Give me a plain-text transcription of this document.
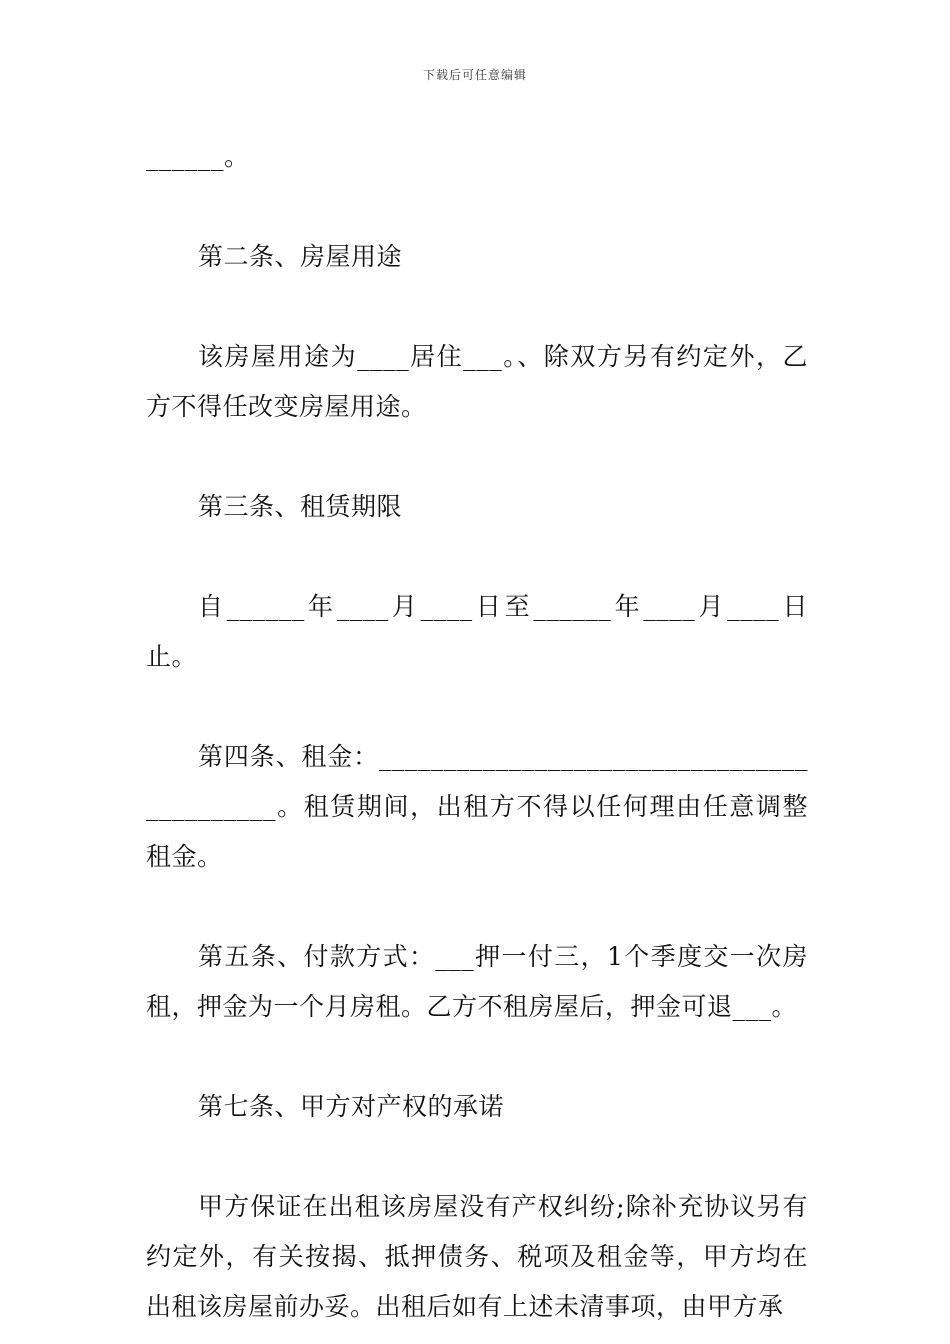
下载后可任意编辑

______。

第二条、房屋用途

该房屋用途为____居住___。、除双方另有约定外，乙方不得任改变房屋用途。

第三条、租赁期限

自______年____月____日至______年____月____日止。

第四条、租金：___________________________________________。租赁期间，出租方不得以任何理由任意调整租金。

第五条、付款方式：___押一付三，1个季度交一次房租，押金为一个月房租。乙方不租房屋后，押金可退___。

第七条、甲方对产权的承诺

甲方保证在出租该房屋没有产权纠纷;除补充协议另有约定外，有关按揭、抵押债务、税项及租金等，甲方均在出租该房屋前办妥。出租后如有上述未清事项，由甲方承
